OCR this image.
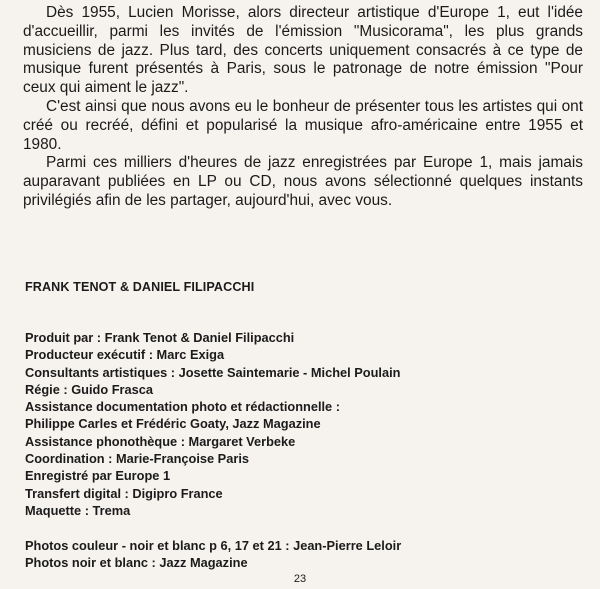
Dès 1955, Lucien Morisse, alors directeur artistique d'Europe 1, eut l'idée d'accueillir, parmi les invités de l'émission "Musicorama", les plus grands musiciens de jazz. Plus tard, des concerts uniquement consacrés à ce type de musique furent présentés à Paris, sous le patronage de notre émission "Pour ceux qui aiment le jazz".

C'est ainsi que nous avons eu le bonheur de présenter tous les artistes qui ont créé ou recréé, défini et popularisé la musique afro-américaine entre 1955 et 1980.

Parmi ces milliers d'heures de jazz enregistrées par Europe 1, mais jamais auparavant publiées en LP ou CD, nous avons sélectionné quelques instants privilégiés afin de les partager, aujourd'hui, avec vous.

FRANK TENOT & DANIEL FILIPACCHI
Produit par : Frank Tenot & Daniel Filipacchi
Producteur exécutif : Marc Exiga
Consultants artistiques : Josette Saintemarie - Michel Poulain
Régie : Guido Frasca
Assistance documentation photo et rédactionnelle :
Philippe Carles et Frédéric Goaty, Jazz Magazine
Assistance phonothèque : Margaret Verbeke
Coordination : Marie-Françoise Paris
Enregistré par Europe 1
Transfert digital : Digipro France
Maquette : Trema
Photos couleur - noir et blanc p 6, 17 et 21 : Jean-Pierre Leloir
Photos noir et blanc : Jazz Magazine
23
